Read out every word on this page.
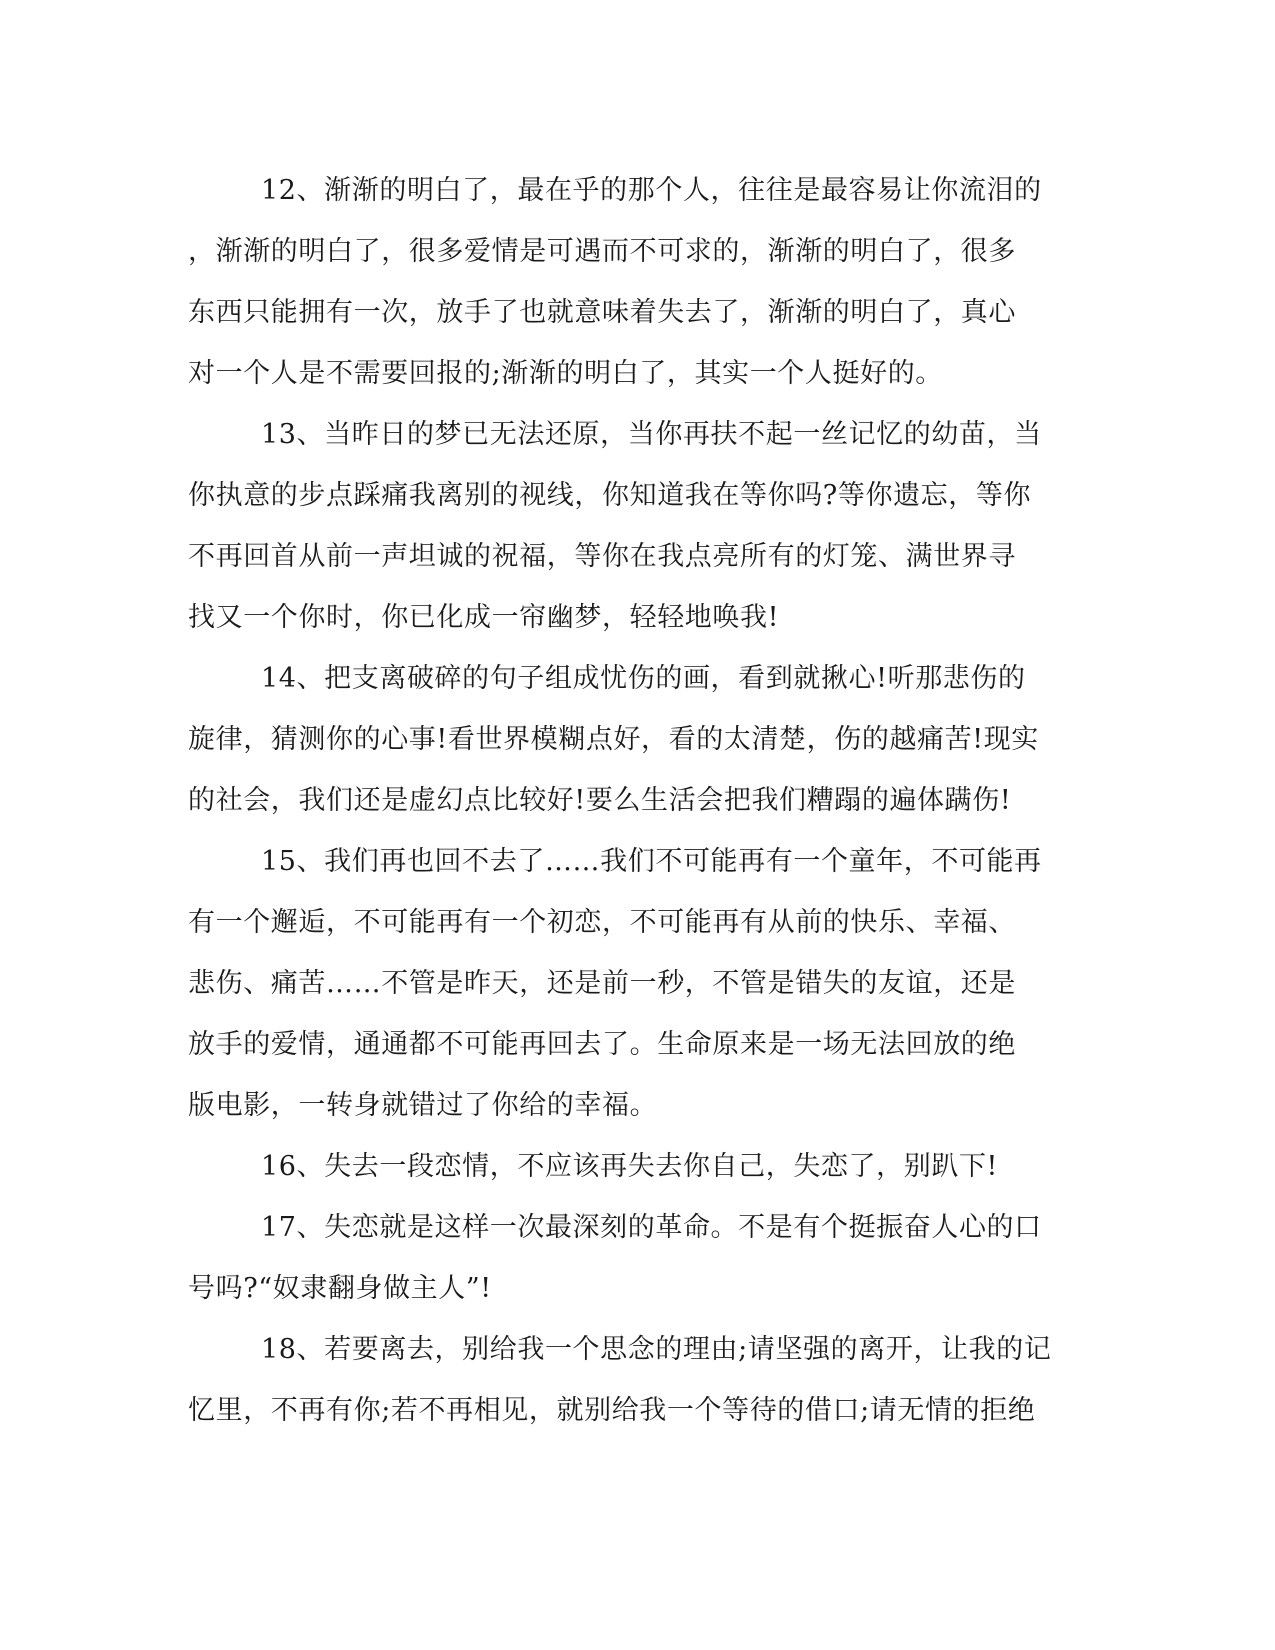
12、渐渐的明白了，最在乎的那个人，往往是最容易让你流泪的
，渐渐的明白了，很多爱情是可遇而不可求的，渐渐的明白了，很多
东西只能拥有一次，放手了也就意味着失去了，渐渐的明白了，真心
对一个人是不需要回报的;渐渐的明白了，其实一个人挺好的。
13、当昨日的梦已无法还原，当你再扶不起一丝记忆的幼苗，当
你执意的步点踩痛我离别的视线，你知道我在等你吗?等你遗忘，等你
不再回首从前一声坦诚的祝福，等你在我点亮所有的灯笼、满世界寻
找又一个你时，你已化成一帘幽梦，轻轻地唤我!
14、把支离破碎的句子组成忧伤的画，看到就揪心!听那悲伤的
旋律，猜测你的心事!看世界模糊点好，看的太清楚，伤的越痛苦!现实
的社会，我们还是虚幻点比较好!要么生活会把我们糟蹋的遍体蹒伤!
15、我们再也回不去了……我们不可能再有一个童年，不可能再
有一个邂逅，不可能再有一个初恋，不可能再有从前的快乐、幸福、
悲伤、痛苦……不管是昨天，还是前一秒，不管是错失的友谊，还是
放手的爱情，通通都不可能再回去了。生命原来是一场无法回放的绝
版电影，一转身就错过了你给的幸福。
16、失去一段恋情，不应该再失去你自己，失恋了，别趴下!
17、失恋就是这样一次最深刻的革命。不是有个挺振奋人心的口
号吗?“奴隶翻身做主人”!
18、若要离去，别给我一个思念的理由;请坚强的离开，让我的记
忆里，不再有你;若不再相见，就别给我一个等待的借口;请无情的拒绝
